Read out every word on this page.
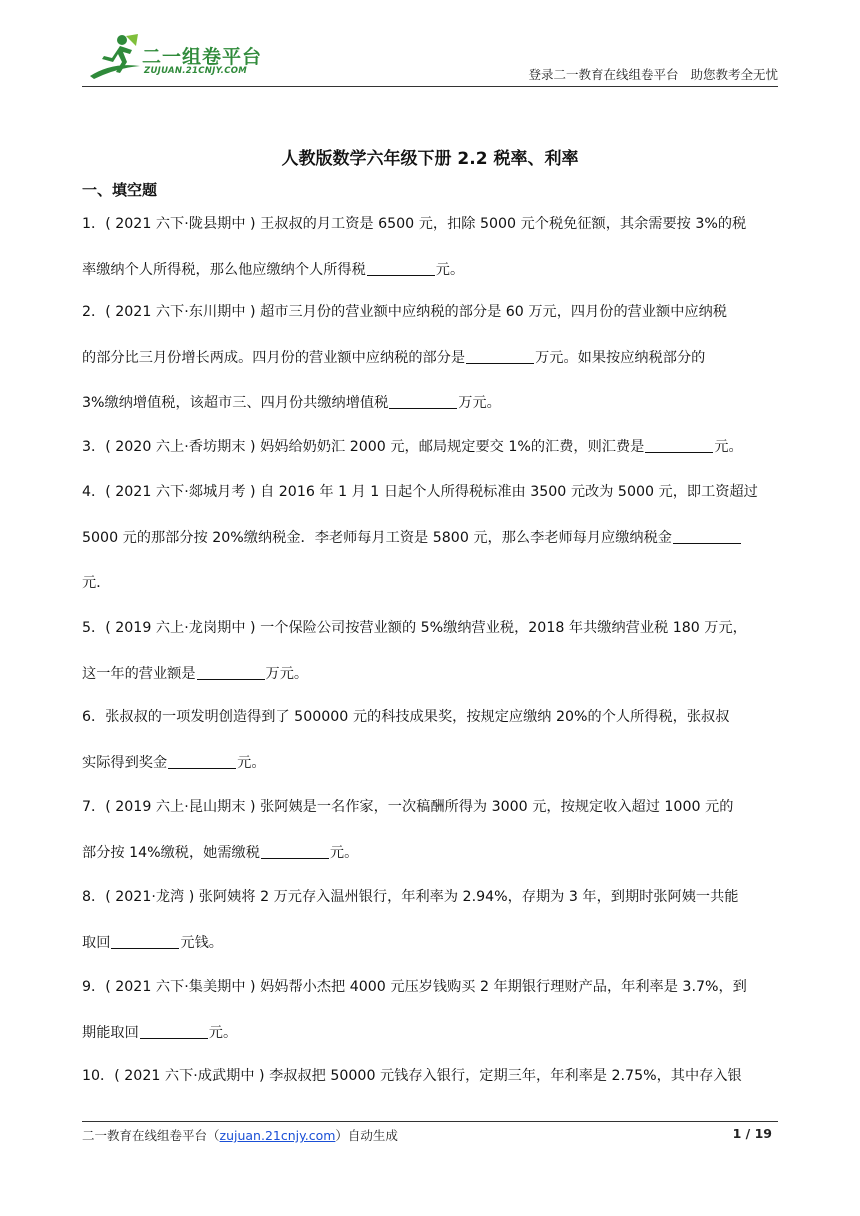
二一组卷平台
ZUJUAN.21CNJY.COM	登录二一教育在线组卷平台 助您教考全无忧
人教版数学六年级下册 2.2 税率、利率
一、填空题
1．( 2021 六下·陇县期中 ) 王叔叔的月工资是 6500 元，扣除 5000 元个税免征额，其余需要按 3%的税
率缴纳个人所得税，那么他应缴纳个人所得税	元。
2．( 2021 六下·东川期中 ) 超市三月份的营业额中应纳税的部分是 60 万元，四月份的营业额中应纳税
的部分比三月份增长两成。四月份的营业额中应纳税的部分是	万元。如果按应纳税部分的
3%缴纳增值税，该超市三、四月份共缴纳增值税	万元。
3．( 2020 六上·香坊期末 ) 妈妈给奶奶汇 2000 元，邮局规定要交 1%的汇费，则汇费是	元。
4．( 2021 六下·郯城月考 ) 自 2016 年 1 月 1 日起个人所得税标准由 3500 元改为 5000 元，即工资超过
5000 元的那部分按 20%缴纳税金．李老师每月工资是 5800 元，那么李老师每月应缴纳税金
元．
5．( 2019 六上·龙岗期中 ) 一个保险公司按营业额的 5%缴纳营业税，2018 年共缴纳营业税 180 万元，
这一年的营业额是	万元。
6．张叔叔的一项发明创造得到了 500000 元的科技成果奖，按规定应缴纳 20%的个人所得税，张叔叔
实际得到奖金	元。
7．( 2019 六上·昆山期末 ) 张阿姨是一名作家，一次稿酬所得为 3000 元，按规定收入超过 1000 元的
部分按 14%缴税，她需缴税	元。
8．( 2021·龙湾 ) 张阿姨将 2 万元存入温州银行，年利率为 2.94%，存期为 3 年，到期时张阿姨一共能
取回	元钱。
9．( 2021 六下·集美期中 ) 妈妈帮小杰把 4000 元压岁钱购买 2 年期银行理财产品，年利率是 3.7%，到
期能取回	元。
10．( 2021 六下·成武期中 ) 李叔叔把 50000 元钱存入银行，定期三年，年利率是 2.75%，其中存入银
二一教育在线组卷平台（zujuan.21cnjy.com）自动生成	1 / 19
